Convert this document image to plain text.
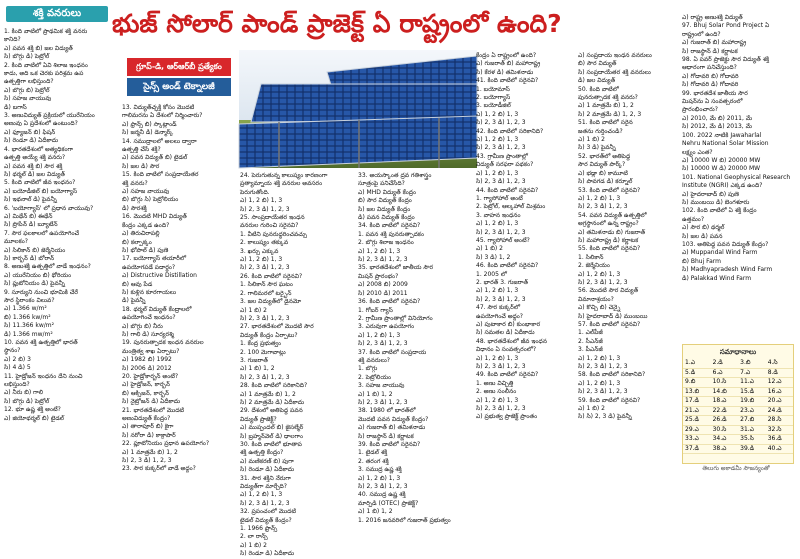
శక్తి వనరులు	భుజ్ సోలార్ పాండ్ ప్రాజెక్ట్ ఏ రాష్ట్రంలో ఉంది?
గ్రూప్-డి, ఆర్ఆర్‌బీ ప్రత్యేకం
సైన్స్ అండ్ టెక్నాలజీ

1. కింది వాటిలో ప్రాథమిక శక్తి వనరు

కానిది?

ఎ) పవన శక్తి బి) జల విద్యుత్

సి) బొగ్గు డి) పెట్రోల్

2. కింది వాటిలో ఏవి శిలాజ ఇంధనం

కాదు, అది ఒక చెరకు పరిశ్రమ ఉప

ఉత్పత్తిగా లభిస్తుంది?

ఎ) బొగ్గు బి) పెట్రోల్

సి) సహజ వాయువు

డి) బగాస్

3. అణువిద్యుత్ ప్రక్రియలో యురేనియం

అణువు ఏ ప్రదేశంలో ఉంటుంది?

ఎ) ఫ్యూజన్ బి) ఫిషన్

సి) రెండూ డి) ఏదీకాదు

4. భారతదేశంలో అత్యధికంగా

ఉత్పత్తి అయ్యే శక్తి వనరు?

ఎ) పవన శక్తి బి) సౌర శక్తి

సి) థర్మల్ డి) జల విద్యుత్

5. కింది వాటిలో జీవ ఇంధనం?

ఎ) బయోడీజిల్ బి) బయోగ్యాస్

సి) ఇథనాల్ డి) పైవన్నీ

6. 'బయోగ్యాస్' లో ప్రధాన వాయువు?

ఎ) మిథేన్ బి) ఈథేన్

సి) ప్రొపేన్ డి) బ్యూటేన్

7. సౌర ఫలకాలలో ఉపయోగించే

మూలకం?

ఎ) సిలికాన్ బి) జెర్మేనియం

సి) కార్బన్ డి) బోరాన్

8. అణుశక్తి ఉత్పత్తిలో వాడే ఇంధనం?

ఎ) యురేనియం బి) థోరియం

సి) ప్లుటోనియం డి) పైవన్నీ

9. సూర్యుని నుంచి భూమికి చేరే

సౌర స్థిరాంకం విలువ?

ఎ) 1.366 w/m²

బి) 1.366 kw/m²

సి) 11.366 kw/m²

డి) 1.366 mw/m²

10. పవన శక్తి ఉత్పత్తిలో భారత్

స్థానం?

ఎ) 2 బి) 3

సి) 4 డి) 5

11. హైడ్రోజన్ ఇంధనం దేని నుంచి

లభిస్తుంది?

ఎ) నీరు బి) గాలి

సి) బొగ్గు డి) పెట్రోల్

12. భూ ఉష్ణ శక్తి అంటే?

ఎ) జియోథర్మల్ బి) టైడల్

13. విద్యుత్‌చ్ఛక్తి కోసం మొదటి

గాలిమరను ఏ దేశంలో నిర్మించారు?

ఎ) ఫ్రాన్స్ బి) స్కాట్లాండ్

సి) జర్మనీ డి) డెన్మార్క్

14. సముద్రాలలో అలలు ద్వారా

ఉత్పత్తి చేసే శక్తి?

ఎ) పవన విద్యుత్ బి) టైడల్

సి) జల డి) సౌర

15. కింది వాటిలో సంప్రదాయేతర

శక్తి వనరు?

ఎ) సహజ వాయువు

బి) బొగ్గు సి) పెట్రోలియం

డి) సౌరశక్తి

16. మొదటి MHD విద్యుత్

కేంద్రం ఎక్కడ ఉంది?

ఎ) తిరుచిరాపల్లి

బి) కల్పాక్కం

సి) భోపాల్ డి) పుణె

17. బయోగ్యాస్ తయారీలో

ఉపయోగపడే పదార్థం?

ఎ) Distructive Distillation

బి) ఆవు పేడ

సి) కుళ్లిన కూరగాయలు

డి) పైవన్నీ

18. థర్మల్ విద్యుత్ కేంద్రాలలో

ఉపయోగించే ఇంధనం?

ఎ) బొగ్గు బి) నీరు

సి) గాలి డి) సూర్యరశ్మి

19. పునరుత్పాదక ఇంధన వనరుల

మంత్రిత్వ శాఖ ఏర్పాటు?

ఎ) 1982 బి) 1992

సి) 2006 డి) 2012

20. హైడ్రోకార్బన్ అంటే?

ఎ) హైడ్రోజన్, కార్బన్

బి) ఆక్సిజన్, కార్బన్

సి) నైట్రోజన్ డి) ఏదీకాదు

21. భారతదేశంలో మొదటి

అణువిద్యుత్ కేంద్రం?

ఎ) తారాపూర్ బి) కైగా

సి) నరోరా డి) కాక్రాపార్

22. ప్లూటోనియం ప్రధాన ఉపయోగం?

ఎ) 1 మాత్రమే బి) 1, 2

సి) 2, 3 డి) 1, 2, 3

23. సౌర కుక్కర్‌లో వాడే అద్దం?

24. పెరుగుతున్న కాలుష్యం కారణంగా

ప్రత్యామ్నాయ శక్తి వనరుల అవసరం

పెరుగుతోంది.

ఎ) 1, 2 బి) 1, 3

సి) 2, 3 డి) 1, 2, 3

25. సాంప్రదాయేతర ఇంధన

వనరుల గురించి సరైనవి?

1. వీటిని పునరుద్ధరించవచ్చు

2. కాలుష్యం తక్కువ

3. ఖర్చు ఎక్కువ

ఎ) 1, 2 బి) 1, 3

సి) 2, 3 డి) 1, 2, 3

26. కింది వాటిలో సరైనవి?

1. సిలికాన్ సౌర ఘటం

2. గాలిమరలో టర్బైన్

3. జల విద్యుత్‌లో డైనమో

ఎ) 1 బి) 2

సి) 2, 3 డి) 1, 2, 3

27. భారతదేశంలో మొదటి సౌర

విద్యుత్ కేంద్రం ఏర్పాటు?

1. కేంద్ర ప్రభుత్వం

2. 100 మెగావాట్లు

3. గుజరాత్

ఎ) 1 బి) 1, 2

సి) 2, 3 డి) 1, 2, 3

28. కింది వాటిలో సరికానిది?

ఎ) 1 మాత్రమే బి) 1, 2

సి) 2 మాత్రమే డి) ఏదీకాదు

29. దేశంలో అతిపెద్ద పవన

విద్యుత్ ప్రాజెక్ట్?

ఎ) ముప్పందల్ బి) జైసల్మేర్

సి) బ్రహ్మన్‌వెల్ డి) ధాలగాం

30. కింది వాటిలో భూతాప

శక్తి ఉత్పత్తి కేంద్రం?

ఎ) మణికరణ్ బి) పుగా

సి) రెండూ డి) ఏదీకాదు

31. సౌర శక్తిని నేరుగా

విద్యుత్‌గా మార్చేది?

ఎ) 1, 2 బి) 1, 3

సి) 2, 3 డి) 1, 2, 3

32. ప్రపంచంలో మొదటి

టైడల్ విద్యుత్ కేంద్రం?

1. 1966 ఫ్రాన్స్

2. లా రాన్స్

ఎ) 1 బి) 2

సి) రెండూ డి) ఏదీకాదు

33. అయస్కాంత ద్రవ గతిశాస్త్రం

సూత్రంపై పనిచేసేది?

ఎ) MHD విద్యుత్ కేంద్రం

బి) సౌర విద్యుత్ కేంద్రం

సి) జల విద్యుత్ కేంద్రం

డి) పవన విద్యుత్ కేంద్రం

34. కింది వాటిలో సరైనవి?

1. పవన శక్తి పునరుత్పాదకం

2. బొగ్గు శిలాజ ఇంధనం

ఎ) 1, 2 బి) 1, 3

సి) 2, 3 డి) 1, 2, 3

35. భారతదేశంలో జాతీయ సౌర

మిషన్ ప్రారంభం?

ఎ) 2008 బి) 2009

సి) 2010 డి) 2011

36. కింది వాటిలో సరైనవి?

1. గోబర్ గ్యాస్

2. గ్రామీణ ప్రాంతాల్లో వినియోగం

3. ఎరువుగా ఉపయోగం

ఎ) 1, 2 బి) 1, 3

సి) 2, 3 డి) 1, 2, 3

37. కింది వాటిలో సంప్రదాయ

శక్తి వనరులు?

1. బొగ్గు

2. పెట్రోలియం

3. సహజ వాయువు

ఎ) 1 బి) 1, 2

సి) 2, 3 డి) 1, 2, 3

38. 1980 లో భారత్‌లో

మొదటి పవన విద్యుత్ కేంద్రం?

ఎ) గుజరాత్ బి) తమిళనాడు

సి) రాజస్థాన్ డి) కర్ణాటక

39. కింది వాటిలో సరైనవి?

1. టైడల్ శక్తి

2. తరంగ శక్తి

3. సముద్ర ఉష్ణ శక్తి

ఎ) 1, 2 బి) 1, 3

సి) 2, 3 డి) 1, 2, 3

40. సముద్ర ఉష్ణ శక్తి

మార్పిడి (OTEC) ప్రాజెక్ట్?

ఎ) 1 బి) 1, 2

1. 2016 జనవరిలో గుజరాత్ ప్రభుత్వం

కేంద్రం ఏ రాష్ట్రంలో ఉంది?

ఎ) గుజరాత్ బి) మహారాష్ట్ర

సి) కేరళ డి) తమిళనాడు

41. కింది వాటిలో సరైనవి?

1. బయోమాస్

2. బయోగ్యాస్

3. బయోడీజిల్

ఎ) 1, 2 బి) 1, 3

సి) 2, 3 డి) 1, 2, 3

42. కింది వాటిలో సరికానిది?

ఎ) 1, 2 బి) 1, 3

సి) 2, 3 డి) 1, 2, 3

43. గ్రామీణ ప్రాంతాల్లో

విద్యుత్ సరఫరా పథకం?

ఎ) 1, 2 బి) 1, 3

సి) 2, 3 డి) 1, 2, 3

44. కింది వాటిలో సరైనవి?

1. గ్యాసోహాల్ అంటే

2. పెట్రోల్, ఆల్కహాల్ మిశ్రమం

3. వాహన ఇంధనం

ఎ) 1, 2 బి) 1, 3

సి) 2, 3 డి) 1, 2, 3

45. గ్యాసోహాల్ అంటే?

ఎ) 1 బి) 2

సి) 3 డి) 1, 2

46. కింది వాటిలో సరైనవి?

1. 2005 లో

2. భారత్ 3. గుజరాత్

ఎ) 1, 2 బి) 1, 3

సి) 2, 3 డి) 1, 2, 3

47. సౌర కుక్కర్‌లో

ఉపయోగించే అద్దం?

ఎ) పుటాకార బి) కుంభాకార

సి) సమతల డి) ఏదీకాదు

48. భారతదేశంలో జీవ ఇంధన

విధానం ఏ సంవత్సరంలో?

ఎ) 1, 2 బి) 1, 3

సి) 2, 3 డి) 1, 2, 3

49. కింది వాటిలో సరైనవి?

1. అణు విచ్ఛిత్తి

2. అణు సంలీనం

ఎ) 1, 2 బి) 1, 3

సి) 2, 3 డి) 1, 2, 3

ఎ) ప్రభుత్వ ప్రాజెక్ట్ ప్రాంతం

ఎ) సంప్రదాయ ఇంధన వనరులు

బి) సౌర విద్యుత్

సి) సంప్రదాయేతర శక్తి వనరులు

డి) జల విద్యుత్

50. కింది వాటిలో

పునరుత్పాదక శక్తి వనరు?

ఎ) 1 మాత్రమే బి) 1, 2

సి) 2 మాత్రమే డి) 1, 2, 3

51. కింది వాటిలో సరైన

జతను గుర్తించండి?

ఎ) 1 బి) 2

సి) 3 డి) పైవన్నీ

52. భారత్‌లో అతిపెద్ద

సౌర విద్యుత్ పార్క్?

ఎ) భడ్లా బి) కామూటి

సి) పావగడ డి) కర్నూల్

53. కింది వాటిలో సరైనవి?

ఎ) 1, 2 బి) 1, 3

సి) 2, 3 డి) 1, 2, 3

54. పవన విద్యుత్ ఉత్పత్తిలో

అగ్రస్థానంలో ఉన్న రాష్ట్రం?

ఎ) తమిళనాడు బి) గుజరాత్

సి) మహారాష్ట్ర డి) కర్ణాటక

55. కింది వాటిలో సరైనవి?

1. సిలికాన్

2. జెర్మేనియం

ఎ) 1, 2 బి) 1, 3

సి) 2, 3 డి) 1, 2, 3

56. మొదటి సౌర విద్యుత్

విమానాశ్రయం?

ఎ) కొచ్చి బి) చెన్నై

సి) హైదరాబాద్ డి) ముంబయి

57. కింది వాటిలో సరైనవి?

1. ఎల్‌పీజీ

2. సీఎన్‌జీ

3. పీఎన్‌జీ

ఎ) 1, 2 బి) 1, 3

సి) 2, 3 డి) 1, 2, 3

58. కింది వాటిలో సరికానిది?

ఎ) 1, 2 బి) 1, 3

సి) 2, 3 డి) 1, 2, 3

59. కింది వాటిలో సరైనవి?

ఎ) 1 బి) 2

సి) సి) 2, 3 డి) పైవన్నీ

ఎ) రాష్ట్ర అణుశక్తి విద్యుత్

97. Bhuj Solar Pond Project ఏ

రాష్ట్రంలో ఉంది?

ఎ) గుజరాత్ బి) మహారాష్ట్ర

సి) రాజస్థాన్ డి) కర్ణాటక

98. ఏ పవర్ ప్రాజెక్టు సౌర విద్యుత్ శక్తి

ఆధారంగా పనిచేస్తుంది?

ఎ) గోదావరి బి) గోదావరి

సి) గోదావరి డి) గోదావరి

99. భారతదేశ జాతీయ సౌర

మిషన్‌ను ఏ సంవత్సరంలో

ప్రారంభించారు?

ఎ) 2010, మే బి) 2011, మే

సి) 2012, మే డి) 2013, మే

100. 2022 నాటికి Jawaharlal

Nehru National Solar Mission

లక్ష్యం ఎంత?

ఎ) 10000 W బి) 20000 MW

సి) 10000 W డి) 20000 MW

101. National Geophysical Research

Institute (NGRI) ఎక్కడ ఉంది?

ఎ) హైదరాబాద్ బి) పుణె

సి) ముంబయి డి) బెంగళూరు

102. కింది వాటిలో ఏ శక్తి కేంద్రం

ఉత్తమం?

ఎ) సౌర బి) థర్మల్

సి) జల డి) పవన

103. అతిపెద్ద పవన విద్యుత్ కేంద్రం?

ఎ) Muppandal Wind Farm

బి) Bhuj Farm

సి) Madhyapradesh Wind Farm

డి) Palakkad Wind Farm

సమాధానాలు
1.ఎ	2.డి	3.బి	4.సి
5.డి	6.ఎ	7.ఎ	8.డి
9.బి	10.సి	11.ఎ	12.ఎ
13.బి	14.బి	15.డి	16.ఎ
17.డి	18.ఎ	19.బి	20.ఎ
21.ఎ	22.డి	23.ఎ	24.డి
25.డి	26.డి	27.బి	28.సి
29.ఎ	30.సి	31.ఎ	32.సి
33.ఎ	34.ఎ	35.సి	36.డి
37.డి	38.ఎ	39.డి	40.ఎ
తెలుగు అకాడమీ సౌజన్యంతో
